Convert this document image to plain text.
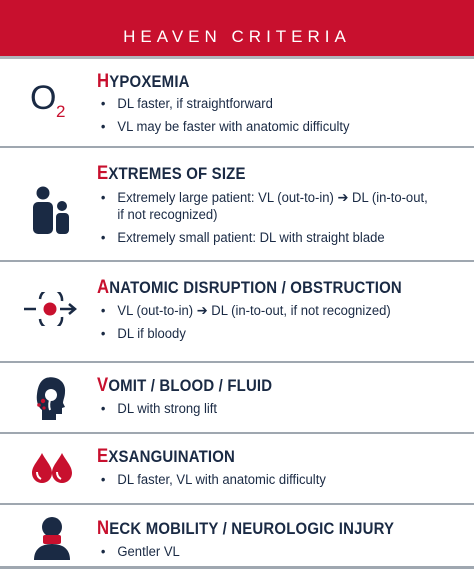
HEAVEN CRITERIA
O 2
HYPOXEMIA
• DL faster, if straightforward
• VL may be faster with anatomic difficulty
EXTREMES OF SIZE
• Extremely large patient: VL (out-to-in) ➔ DL (in-to-out,
if not recognized)
• Extremely small patient: DL with straight blade
ANATOMIC DISRUPTION / OBSTRUCTION
• VL (out-to-in) ➔ DL (in-to-out, if not recognized)
• DL if bloody
VOMIT / BLOOD / FLUID
• DL with strong lift
EXSANGUINATION
• DL faster, VL with anatomic difficulty
NECK MOBILITY / NEUROLOGIC INJURY
• Gentler VL
